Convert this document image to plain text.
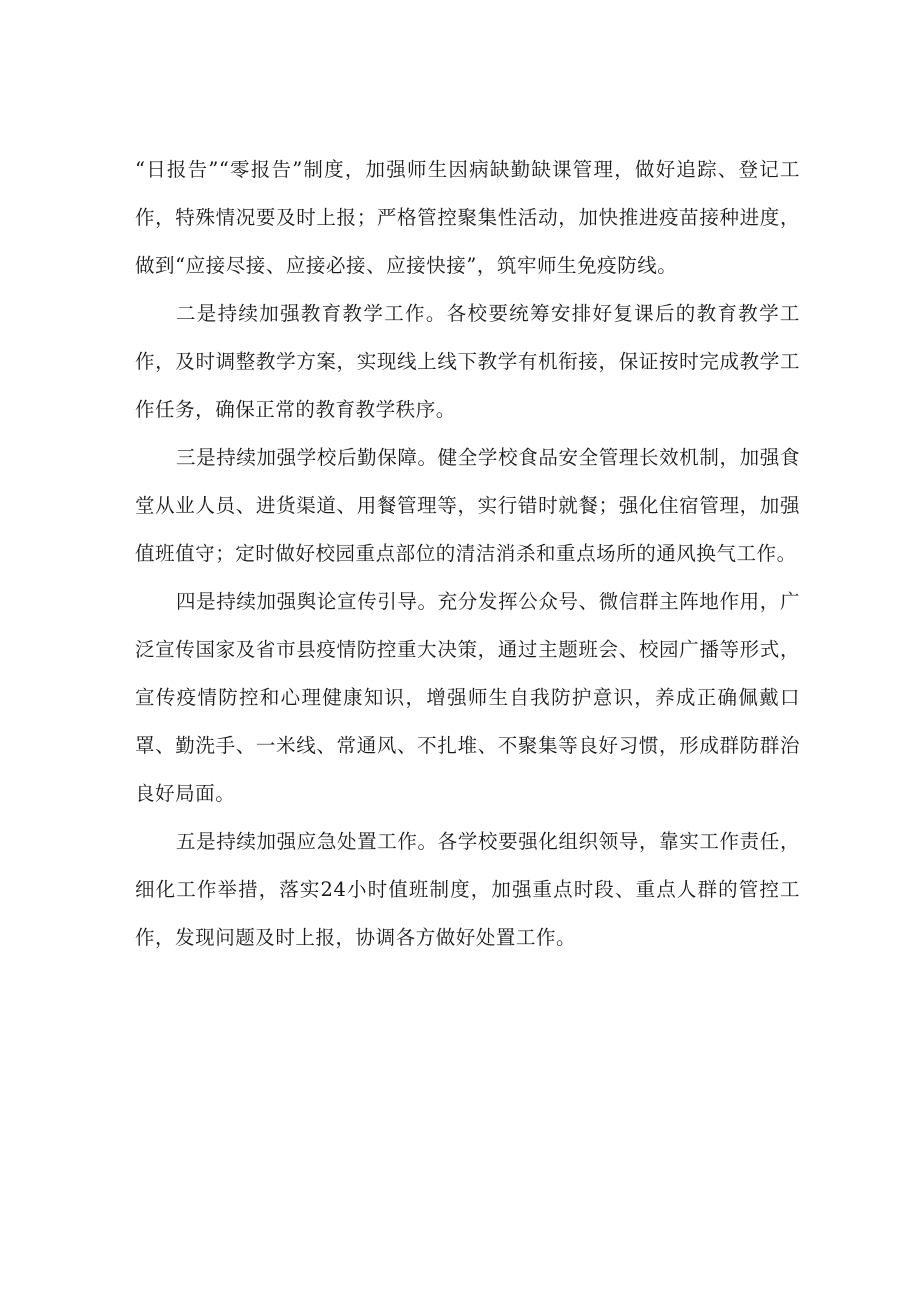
“日报告”“零报告”制度，加强师生因病缺勤缺课管理，做好追踪、登记工作，特殊情况要及时上报；严格管控聚集性活动，加快推进疫苗接种进度，做到“应接尽接、应接必接、应接快接”，筑牢师生免疫防线。

二是持续加强教育教学工作。各校要统筹安排好复课后的教育教学工作，及时调整教学方案，实现线上线下教学有机衔接，保证按时完成教学工作任务，确保正常的教育教学秩序。

三是持续加强学校后勤保障。健全学校食品安全管理长效机制，加强食堂从业人员、进货渠道、用餐管理等，实行错时就餐；强化住宿管理，加强值班值守；定时做好校园重点部位的清洁消杀和重点场所的通风换气工作。

四是持续加强舆论宣传引导。充分发挥公众号、微信群主阵地作用，广泛宣传国家及省市县疫情防控重大决策，通过主题班会、校园广播等形式，宣传疫情防控和心理健康知识，增强师生自我防护意识，养成正确佩戴口罩、勤洗手、一米线、常通风、不扎堆、不聚集等良好习惯，形成群防群治良好局面。

五是持续加强应急处置工作。各学校要强化组织领导，靠实工作责任，细化工作举措，落实24小时值班制度，加强重点时段、重点人群的管控工作，发现问题及时上报，协调各方做好处置工作。
